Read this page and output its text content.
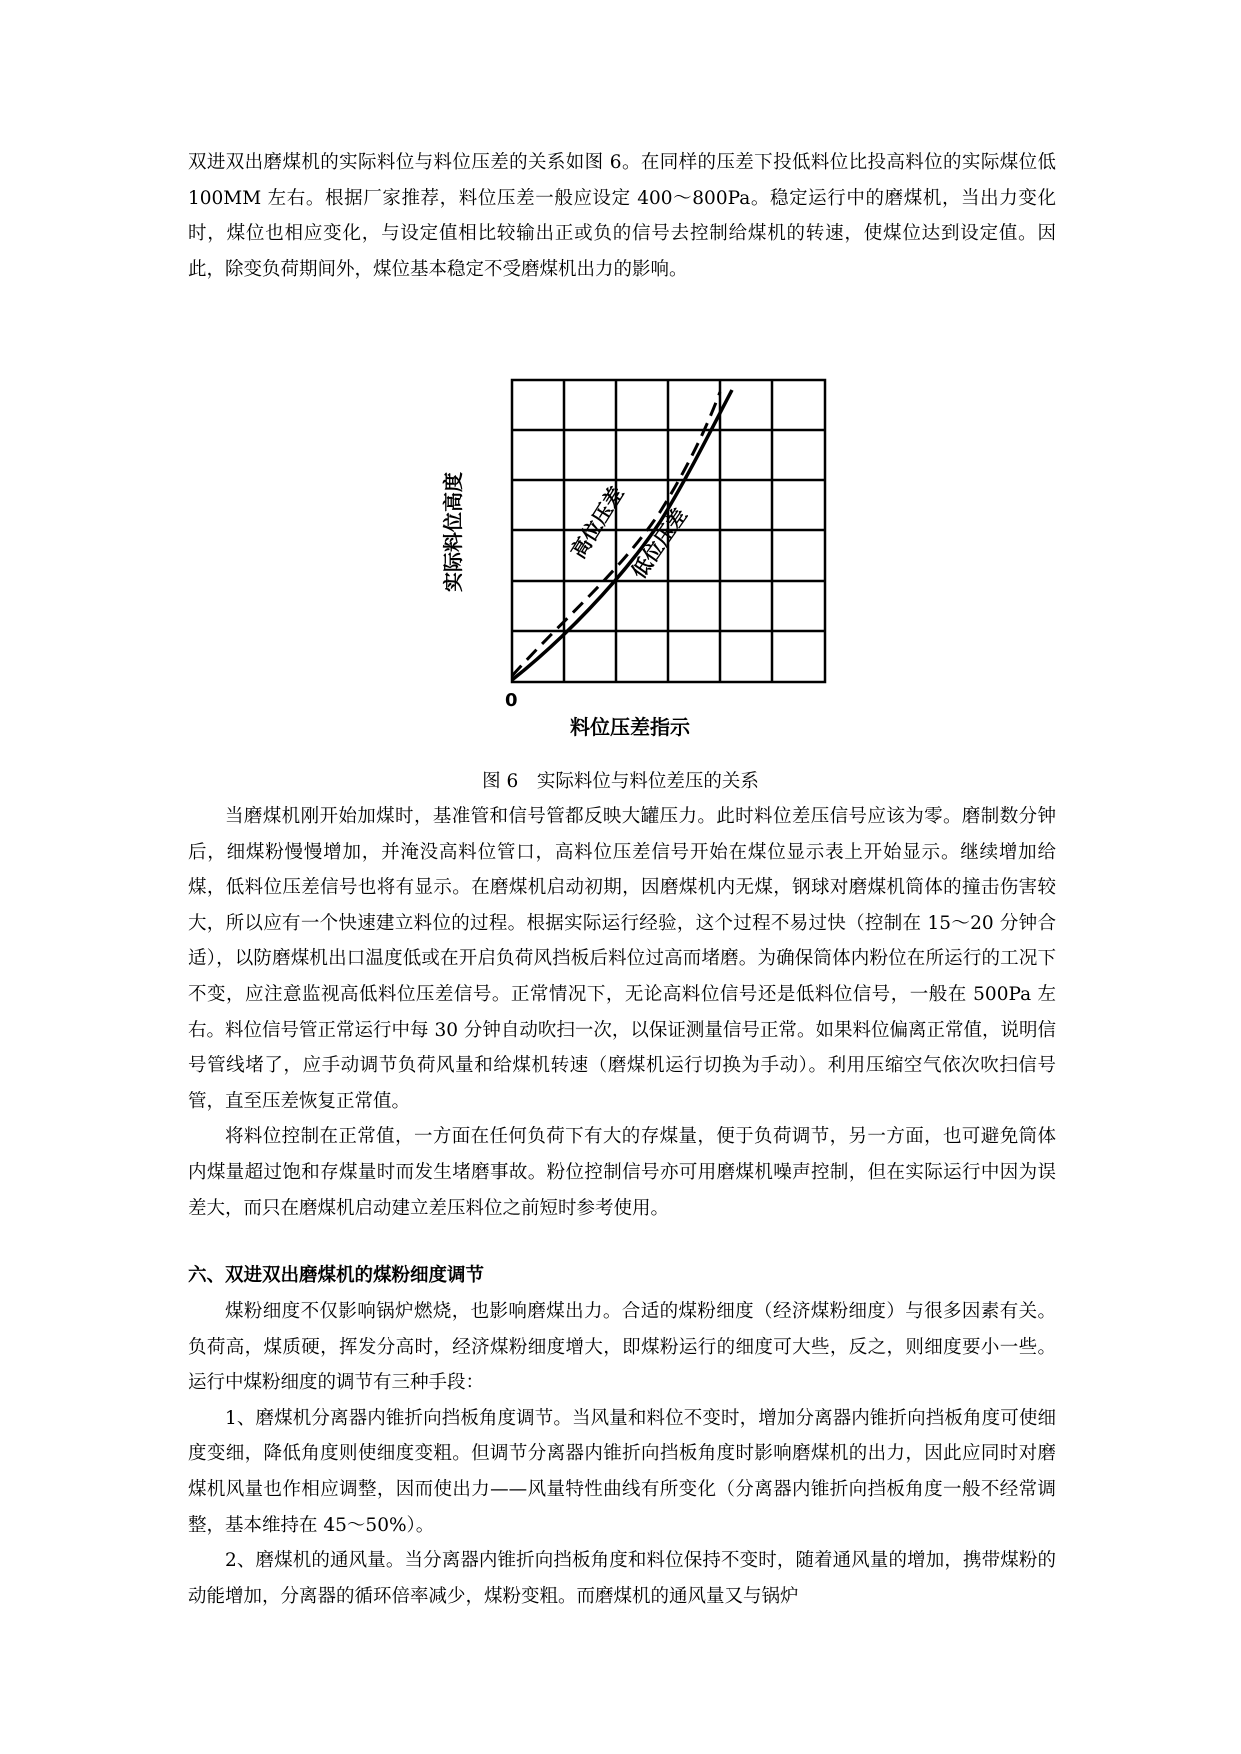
双进双出磨煤机的实际料位与料位压差的关系如图 6。在同样的压差下投低料位比投高料位的实际煤位低 100MM 左右。根据厂家推荐，料位压差一般应设定 400～800Pa。稳定运行中的磨煤机，当出力变化时，煤位也相应变化，与设定值相比较输出正或负的信号去控制给煤机的转速，使煤位达到设定值。因此，除变负荷期间外，煤位基本稳定不受磨煤机出力的影响。

高位压差
低位压差
实际料位高度
0
料位压差指示
图 6　实际料位与料位差压的关系

当磨煤机刚开始加煤时，基准管和信号管都反映大罐压力。此时料位差压信号应该为零。磨制数分钟后，细煤粉慢慢增加，并淹没高料位管口，高料位压差信号开始在煤位显示表上开始显示。继续增加给煤，低料位压差信号也将有显示。在磨煤机启动初期，因磨煤机内无煤，钢球对磨煤机筒体的撞击伤害较大，所以应有一个快速建立料位的过程。根据实际运行经验，这个过程不易过快（控制在 15～20 分钟合适），以防磨煤机出口温度低或在开启负荷风挡板后料位过高而堵磨。为确保筒体内粉位在所运行的工况下不变，应注意监视高低料位压差信号。正常情况下，无论高料位信号还是低料位信号，一般在 500Pa 左右。料位信号管正常运行中每 30 分钟自动吹扫一次，以保证测量信号正常。如果料位偏离正常值，说明信号管线堵了，应手动调节负荷风量和给煤机转速（磨煤机运行切换为手动）。利用压缩空气依次吹扫信号管，直至压差恢复正常值。

将料位控制在正常值，一方面在任何负荷下有大的存煤量，便于负荷调节，另一方面，也可避免筒体内煤量超过饱和存煤量时而发生堵磨事故。粉位控制信号亦可用磨煤机噪声控制，但在实际运行中因为误差大，而只在磨煤机启动建立差压料位之前短时参考使用。

六、双进双出磨煤机的煤粉细度调节

煤粉细度不仅影响锅炉燃烧，也影响磨煤出力。合适的煤粉细度（经济煤粉细度）与很多因素有关。负荷高，煤质硬，挥发分高时，经济煤粉细度增大，即煤粉运行的细度可大些，反之，则细度要小一些。运行中煤粉细度的调节有三种手段：

1、磨煤机分离器内锥折向挡板角度调节。当风量和料位不变时，增加分离器内锥折向挡板角度可使细度变细，降低角度则使细度变粗。但调节分离器内锥折向挡板角度时影响磨煤机的出力，因此应同时对磨煤机风量也作相应调整，因而使出力——风量特性曲线有所变化（分离器内锥折向挡板角度一般不经常调整，基本维持在 45～50%）。

2、磨煤机的通风量。当分离器内锥折向挡板角度和料位保持不变时，随着通风量的增加，携带煤粉的动能增加，分离器的循环倍率减少，煤粉变粗。而磨煤机的通风量又与锅炉
